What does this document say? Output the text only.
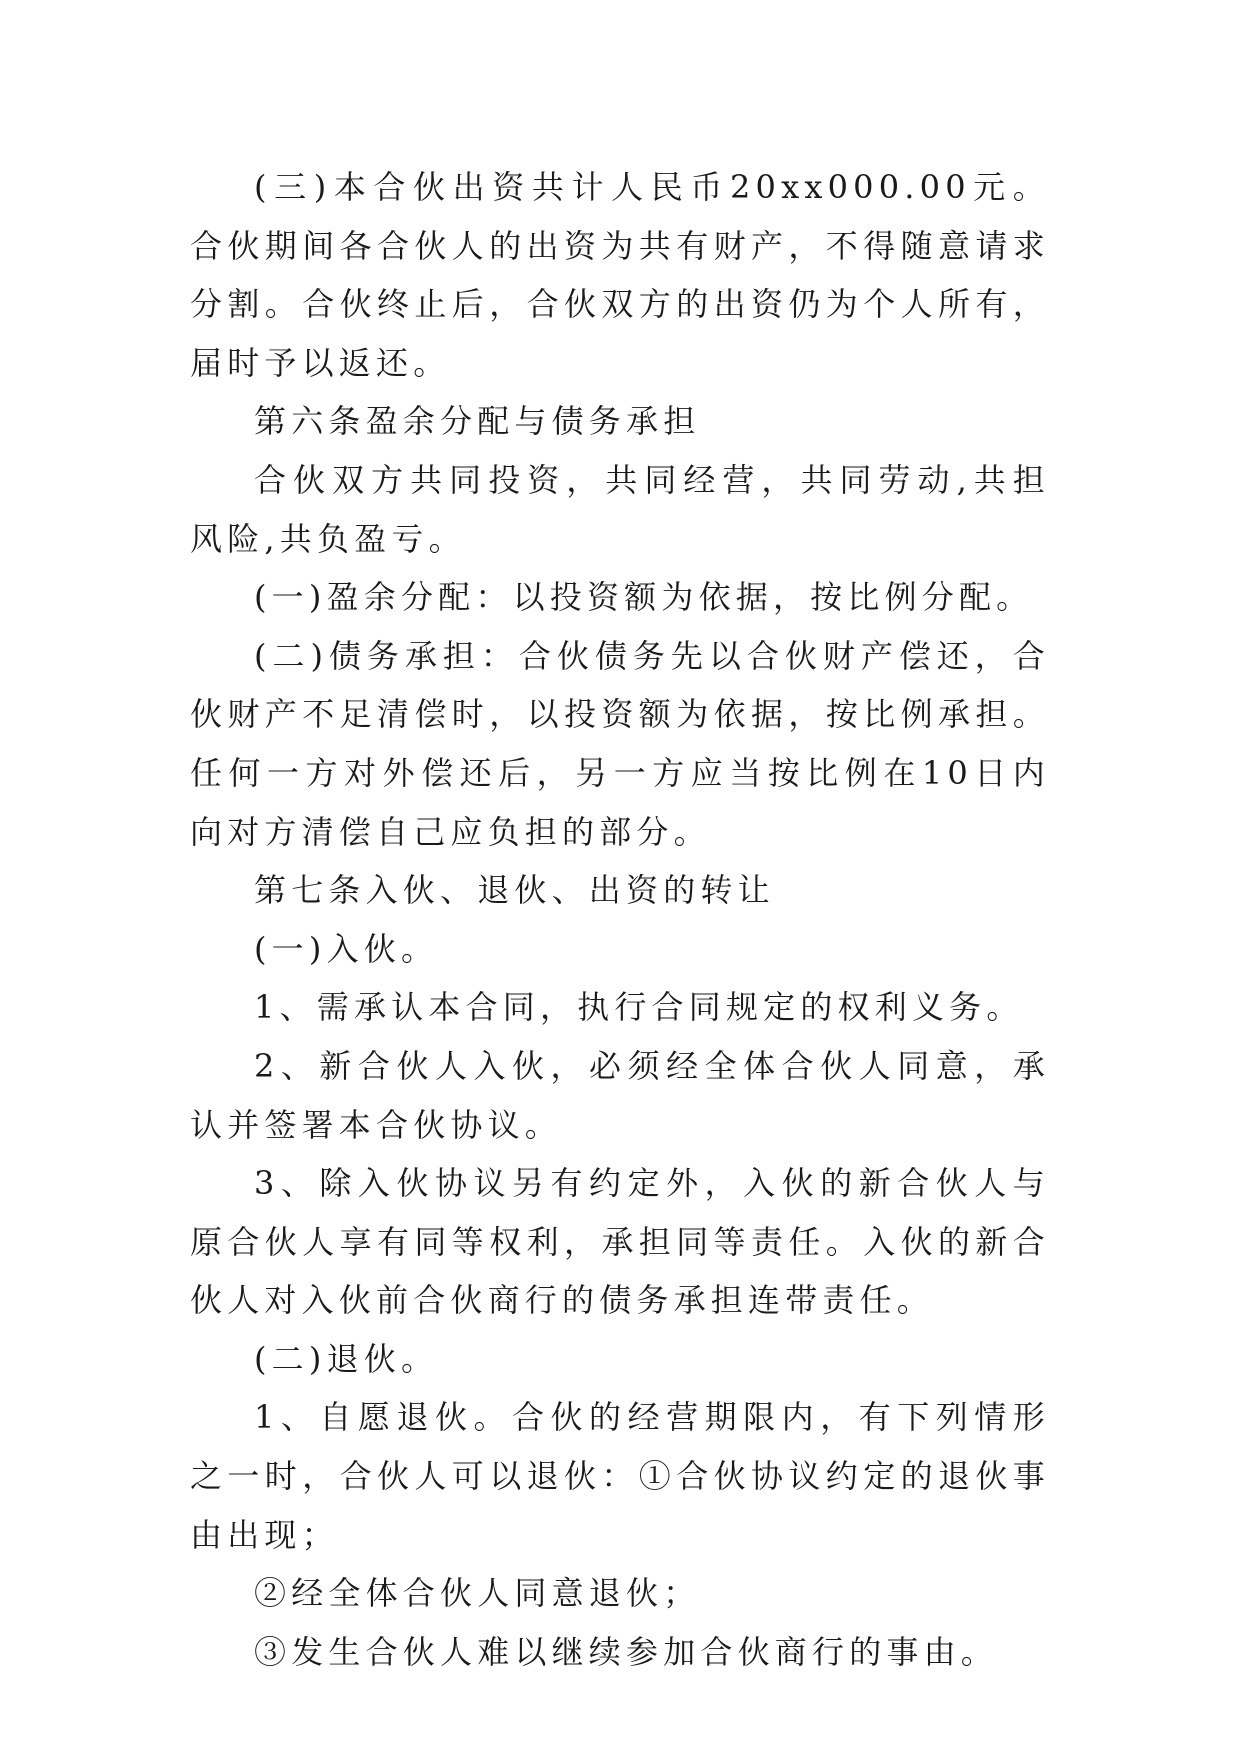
(三)本合伙出资共计人民币20xx000.00元。合伙期间各合伙人的出资为共有财产，不得随意请求分割。合伙终止后，合伙双方的出资仍为个人所有，届时予以返还。

第六条盈余分配与债务承担

合伙双方共同投资，共同经营，共同劳动,共担风险,共负盈亏。

(一)盈余分配：以投资额为依据，按比例分配。

(二)债务承担：合伙债务先以合伙财产偿还，合伙财产不足清偿时，以投资额为依据，按比例承担。任何一方对外偿还后，另一方应当按比例在10日内向对方清偿自己应负担的部分。

第七条入伙、退伙、出资的转让

(一)入伙。

1、需承认本合同，执行合同规定的权利义务。

2、新合伙人入伙，必须经全体合伙人同意，承认并签署本合伙协议。

3、除入伙协议另有约定外，入伙的新合伙人与原合伙人享有同等权利，承担同等责任。入伙的新合伙人对入伙前合伙商行的债务承担连带责任。

(二)退伙。

1、自愿退伙。合伙的经营期限内，有下列情形之一时，合伙人可以退伙：①合伙协议约定的退伙事由出现；

②经全体合伙人同意退伙；

③发生合伙人难以继续参加合伙商行的事由。
